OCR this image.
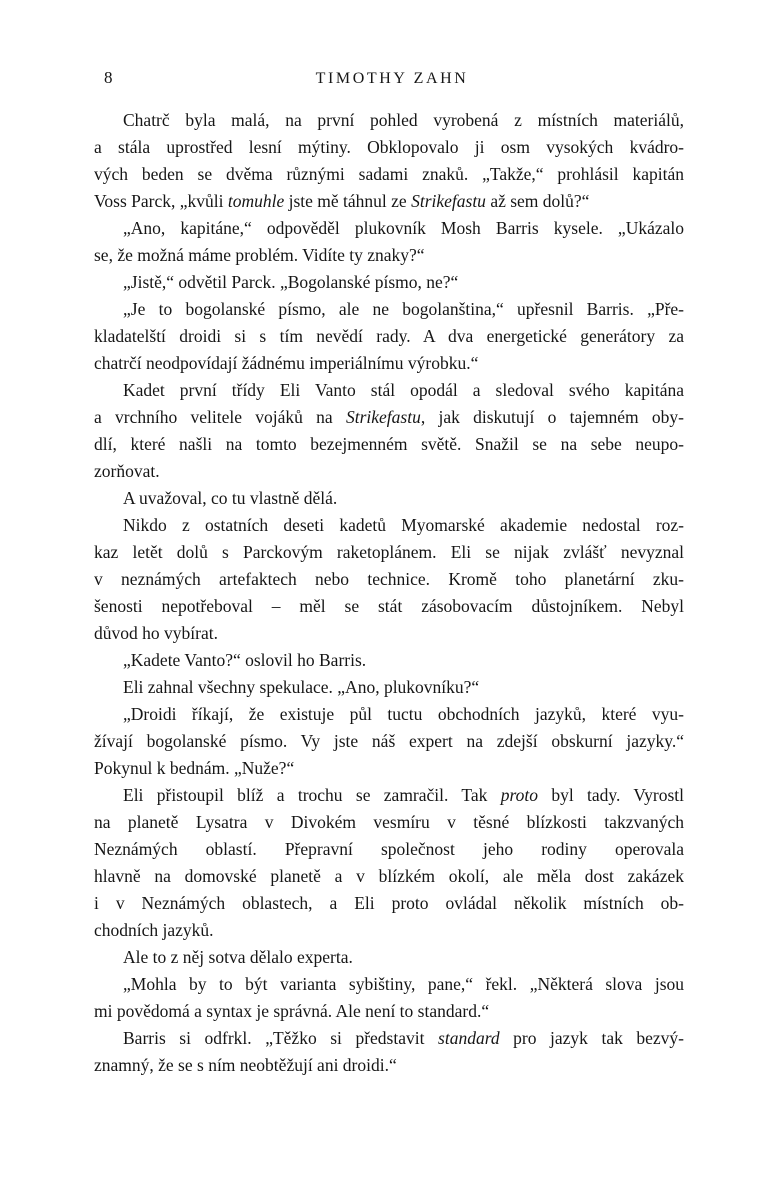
8	TIMOTHY ZAHN
Chatrč byla malá, na první pohled vyrobená z místních materiálů,
a stála uprostřed lesní mýtiny. Obklopovalo ji osm vysokých kvádro-
vých beden se dvěma různými sadami znaků. „Takže,“ prohlásil kapitán
Voss Parck, „kvůli tomuhle jste mě táhnul ze Strikefastu až sem dolů?“
„Ano, kapitáne,“ odpověděl plukovník Mosh Barris kysele. „Ukázalo
se, že možná máme problém. Vidíte ty znaky?“
„Jistě,“ odvětil Parck. „Bogolanské písmo, ne?“
„Je to bogolanské písmo, ale ne bogolanština,“ upřesnil Barris. „Pře-
kladatelští droidi si s tím nevědí rady. A dva energetické generátory za
chatrčí neodpovídají žádnému imperiálnímu výrobku.“
Kadet první třídy Eli Vanto stál opodál a sledoval svého kapitána
a vrchního velitele vojáků na Strikefastu, jak diskutují o tajemném oby-
dlí, které našli na tomto bezejmenném světě. Snažil se na sebe neupo-
zorňovat.
A uvažoval, co tu vlastně dělá.
Nikdo z ostatních deseti kadetů Myomarské akademie nedostal roz-
kaz letět dolů s Parckovým raketoplánem. Eli se nijak zvlášť nevyznal
v neznámých artefaktech nebo technice. Kromě toho planetární zku-
šenosti nepotřeboval – měl se stát zásobovacím důstojníkem. Nebyl
důvod ho vybírat.
„Kadete Vanto?“ oslovil ho Barris.
Eli zahnal všechny spekulace. „Ano, plukovníku?“
„Droidi říkají, že existuje půl tuctu obchodních jazyků, které vyu-
žívají bogolanské písmo. Vy jste náš expert na zdejší obskurní jazyky.“
Pokynul k bednám. „Nuže?“
Eli přistoupil blíž a trochu se zamračil. Tak proto byl tady. Vyrostl
na planetě Lysatra v Divokém vesmíru v těsné blízkosti takzvaných
Neznámých oblastí. Přepravní společnost jeho rodiny operovala
hlavně na domovské planetě a v blízkém okolí, ale měla dost zakázek
i v Neznámých oblastech, a Eli proto ovládal několik místních ob-
chodních jazyků.
Ale to z něj sotva dělalo experta.
„Mohla by to být varianta sybištiny, pane,“ řekl. „Některá slova jsou
mi povědomá a syntax je správná. Ale není to standard.“
Barris si odfrkl. „Těžko si představit standard pro jazyk tak bezvý-
znamný, že se s ním neobtěžují ani droidi.“
